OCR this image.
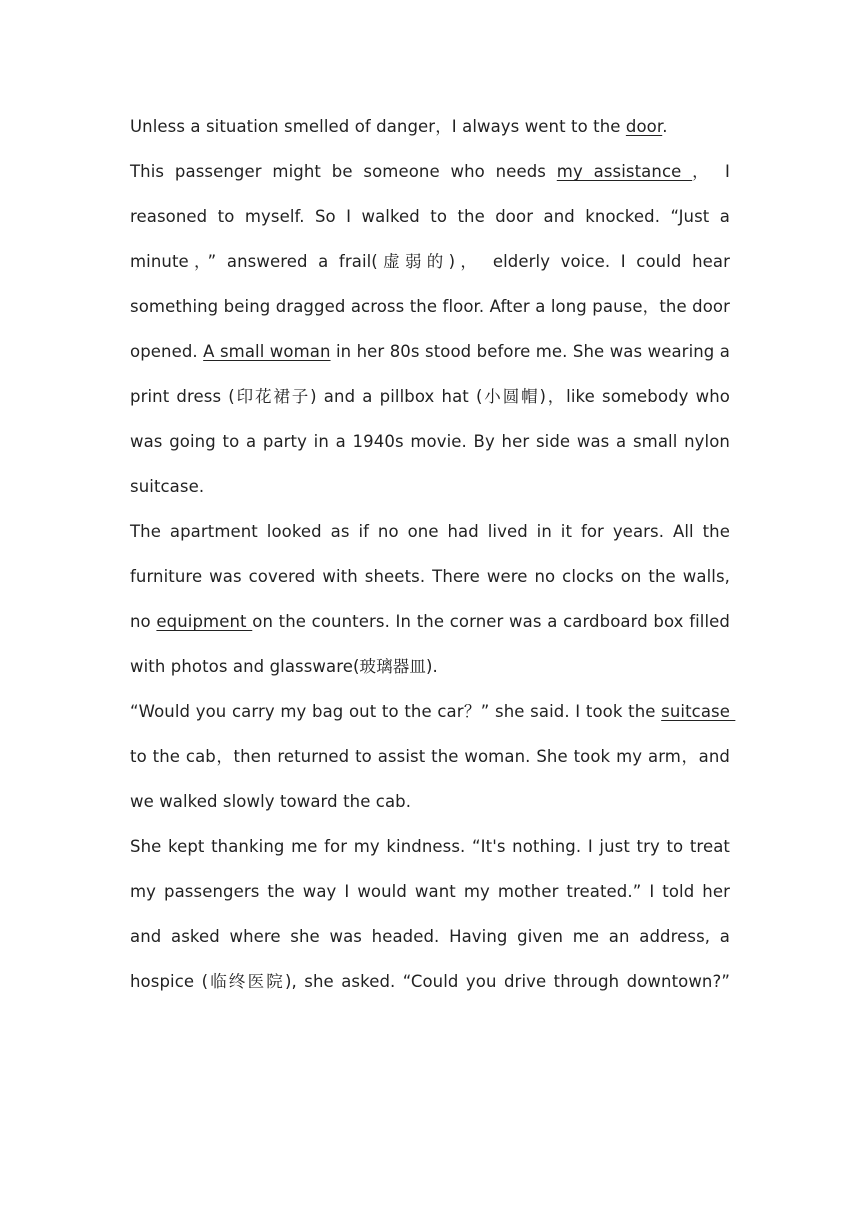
Unless a situation smelled of danger，I always went to the door.

This passenger might be someone who needs my assistance ， I reasoned to myself. So I walked to the door and knocked. “Just a minute，” answered a frail(虚弱的)， elderly voice. I could hear something being dragged across the floor. After a long pause，the door opened. A small woman in her 80s stood before me. She was wearing a print dress (印花裙子) and a pillbox hat (小圆帽)，like somebody who was going to a party in a 1940s movie. By her side was a small nylon suitcase.

The apartment looked as if no one had lived in it for years. All the furniture was covered with sheets. There were no clocks on the walls, no equipment on the counters. In the corner was a cardboard box filled with photos and glassware(玻璃器皿).

“Would you carry my bag out to the car？” she said. I took the suitcase to the cab，then returned to assist the woman. She took my arm，and we walked slowly toward the cab.

She kept thanking me for my kindness. “It's nothing. I just try to treat my passengers the way I would want my mother treated.” I told her and asked where she was headed. Having given me an address, a hospice (临终医院), she asked. “Could you drive through downtown?”
